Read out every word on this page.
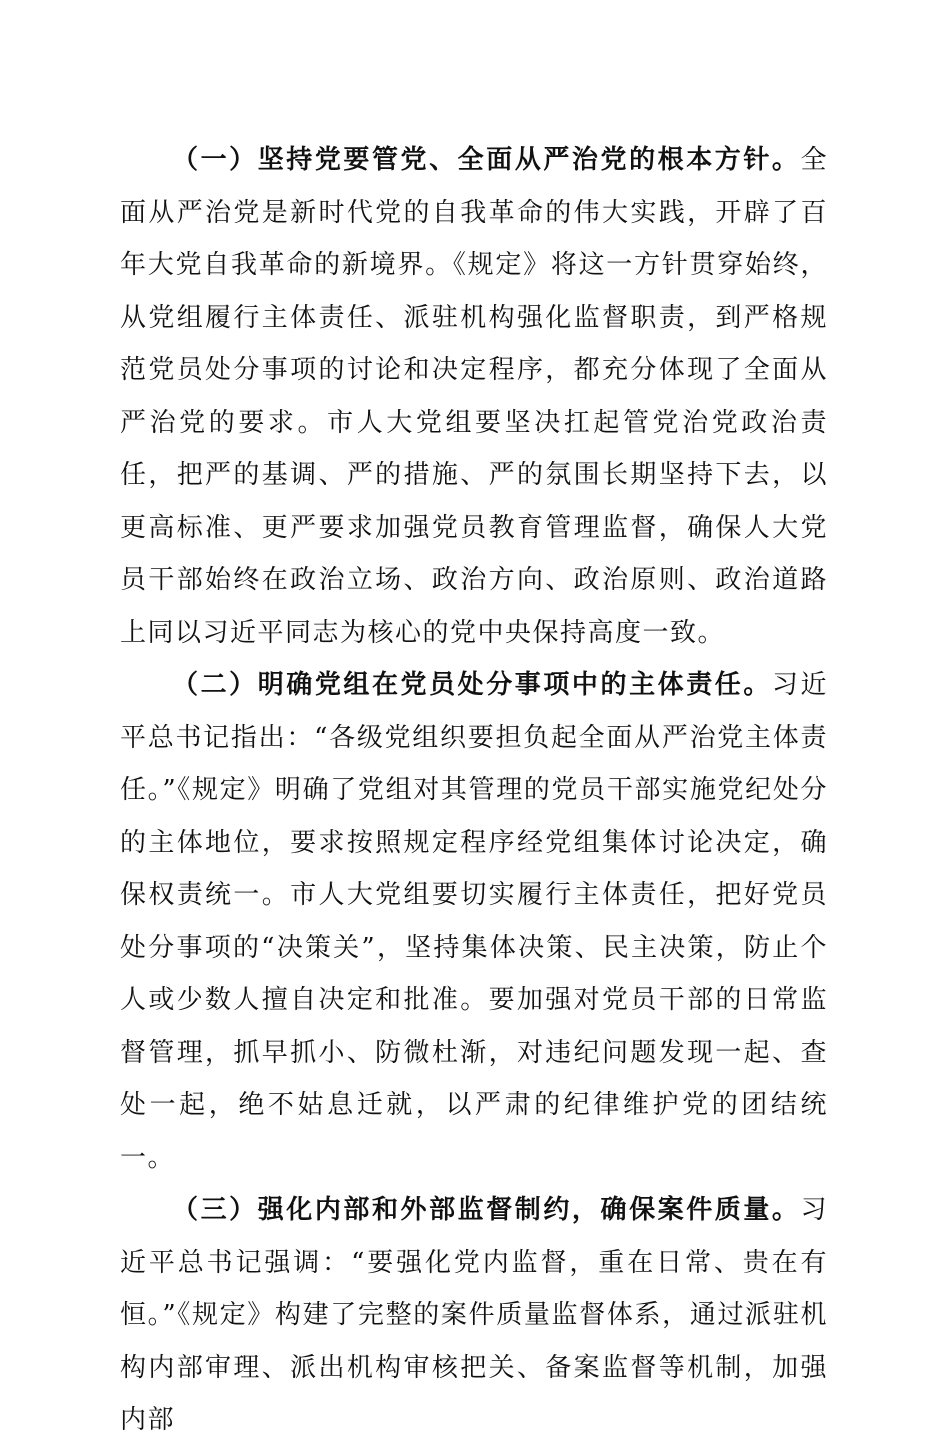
（一）坚持党要管党、全面从严治党的根本方针。全面从严治党是新时代党的自我革命的伟大实践，开辟了百年大党自我革命的新境界。《规定》将这一方针贯穿始终，从党组履行主体责任、派驻机构强化监督职责，到严格规范党员处分事项的讨论和决定程序，都充分体现了全面从严治党的要求。市人大党组要坚决扛起管党治党政治责任，把严的基调、严的措施、严的氛围长期坚持下去，以更高标准、更严要求加强党员教育管理监督，确保人大党员干部始终在政治立场、政治方向、政治原则、政治道路上同以习近平同志为核心的党中央保持高度一致。

（二）明确党组在党员处分事项中的主体责任。习近平总书记指出：“各级党组织要担负起全面从严治党主体责任。”《规定》明确了党组对其管理的党员干部实施党纪处分的主体地位，要求按照规定程序经党组集体讨论决定，确保权责统一。市人大党组要切实履行主体责任，把好党员处分事项的“决策关”，坚持集体决策、民主决策，防止个人或少数人擅自决定和批准。要加强对党员干部的日常监督管理，抓早抓小、防微杜渐，对违纪问题发现一起、查处一起，绝不姑息迁就，以严肃的纪律维护党的团结统一。

（三）强化内部和外部监督制约，确保案件质量。习近平总书记强调：“要强化党内监督，重在日常、贵在有恒。”《规定》构建了完整的案件质量监督体系，通过派驻机构内部审理、派出机构审核把关、备案监督等机制，加强内部
